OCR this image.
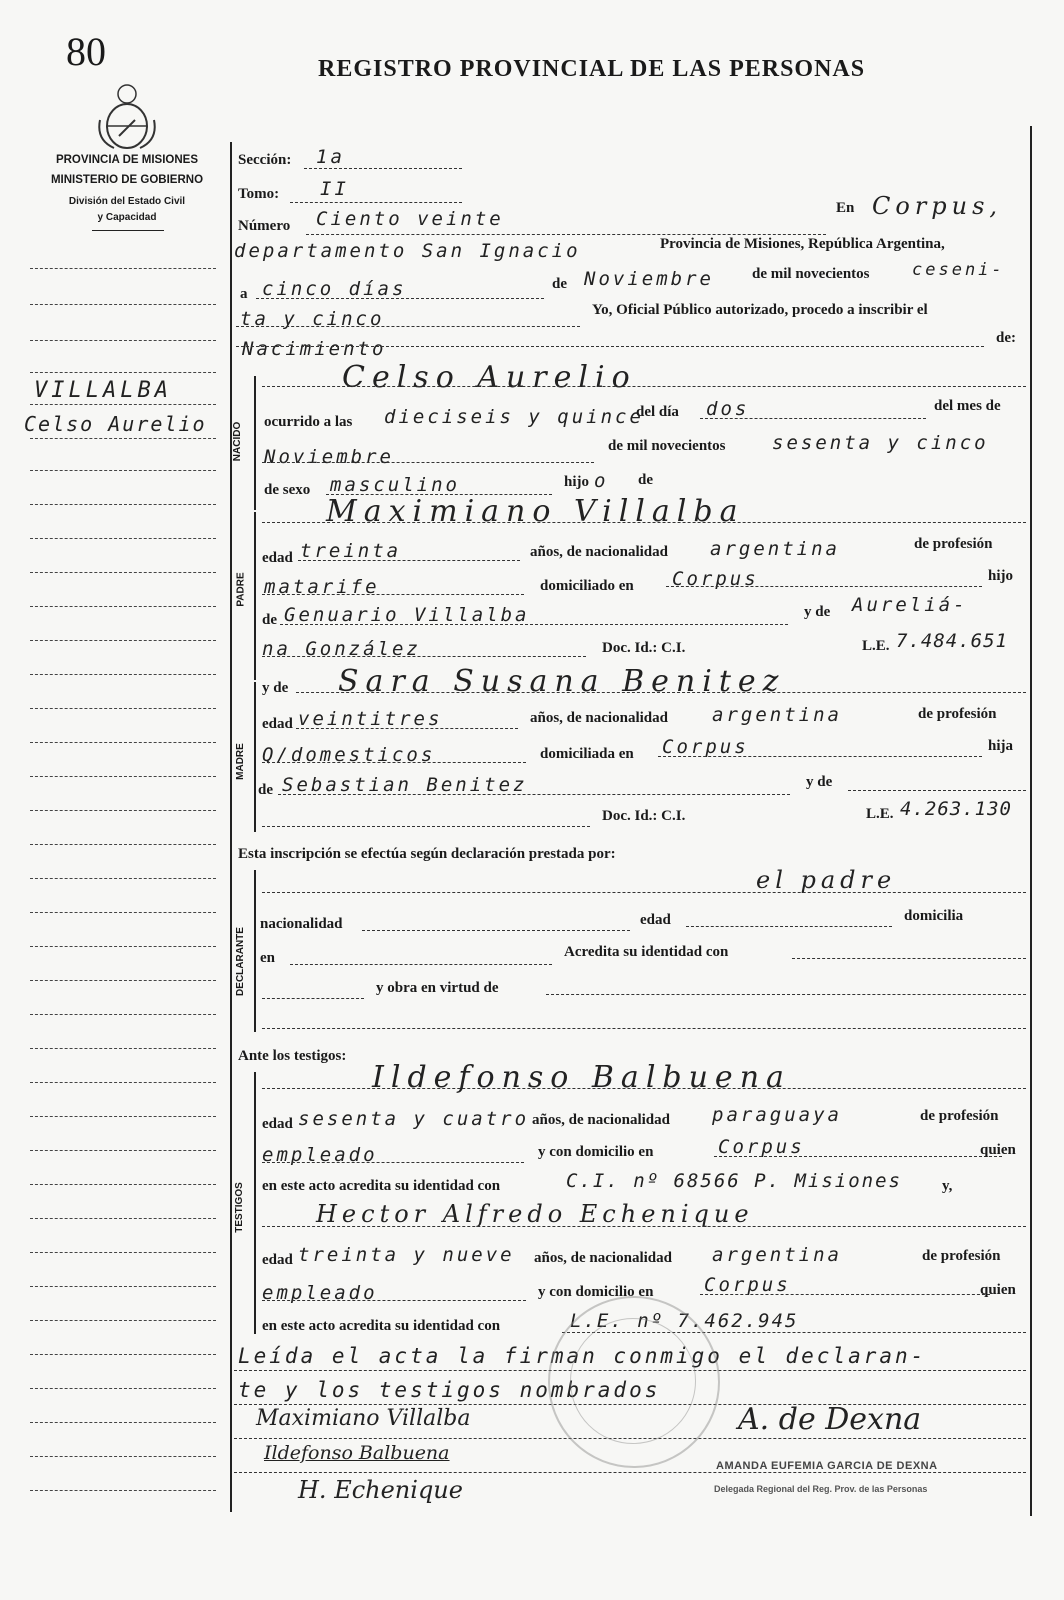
80	REGISTRO PROVINCIAL DE LAS PERSONAS
PROVINCIA DE MISIONES
MINISTERIO DE GOBIERNO
División del Estado Civil
y Capacidad
VILLALBA
Celso Aurelio	NACIDO
PADRE
MADRE
DECLARANTE
TESTIGOS
Sección: 1a
Tomo: II
Número Ciento veinte	En Corpus,
departamento San Ignacio	Provincia de Misiones, República Argentina,
a cinco días	de Noviembre	de mil novecientos	ceseni-
ta y cinco	Yo, Oficial Público autorizado, procedo a inscribir el
Nacimiento	de:
Celso Aurelio
ocurrido a las dieciseis y quince
del día dos	del mes de
Noviembre	de mil novecientos sesenta y cinco
de sexo masculino	hijo o de
Maximiano Villalba
edad treinta	años, de nacionalidad argentina	de profesión
matarife	domiciliado en Corpus	hijo
de Genuario Villalba	y de Aureliá-
na González	Doc. Id.: C.I.	L.E. 7.484.651
y de Sara Susana Benitez
edad veintitres	años, de nacionalidad argentina	de profesión
Q/domesticos	domiciliada en Corpus	hija
de Sebastian Benitez	y de
Doc. Id.: C.I.	L.E. 4.263.130
Esta inscripción se efectúa según declaración prestada por:
el padre
nacionalidad	edad	domicilia
en	Acredita su identidad con
y obra en virtud de
Ante los testigos:
Ildefonso Balbuena
edad sesenta y cuatro años, de nacionalidad paraguaya	de profesión
empleado	y con domicilio en	Corpus	quien
en este acto acredita su identidad con	C.I. nº 68566 P. Misiones	y,
Hector Alfredo Echenique
edad treinta y nueve años, de nacionalidad argentina	de profesión
empleado	y con domicilio en	Corpus	quien
en este acto acredita su identidad con	L.E. nº 7.462.945
Leída el acta la firman conmigo el declaran-
te y los testigos nombrados
Maximiano Villalba
Ildefonso Balbuena
H. Echenique
A. de Dexna
AMANDA EUFEMIA GARCIA DE DEXNA
Delegada Regional del Reg. Prov. de las Personas
